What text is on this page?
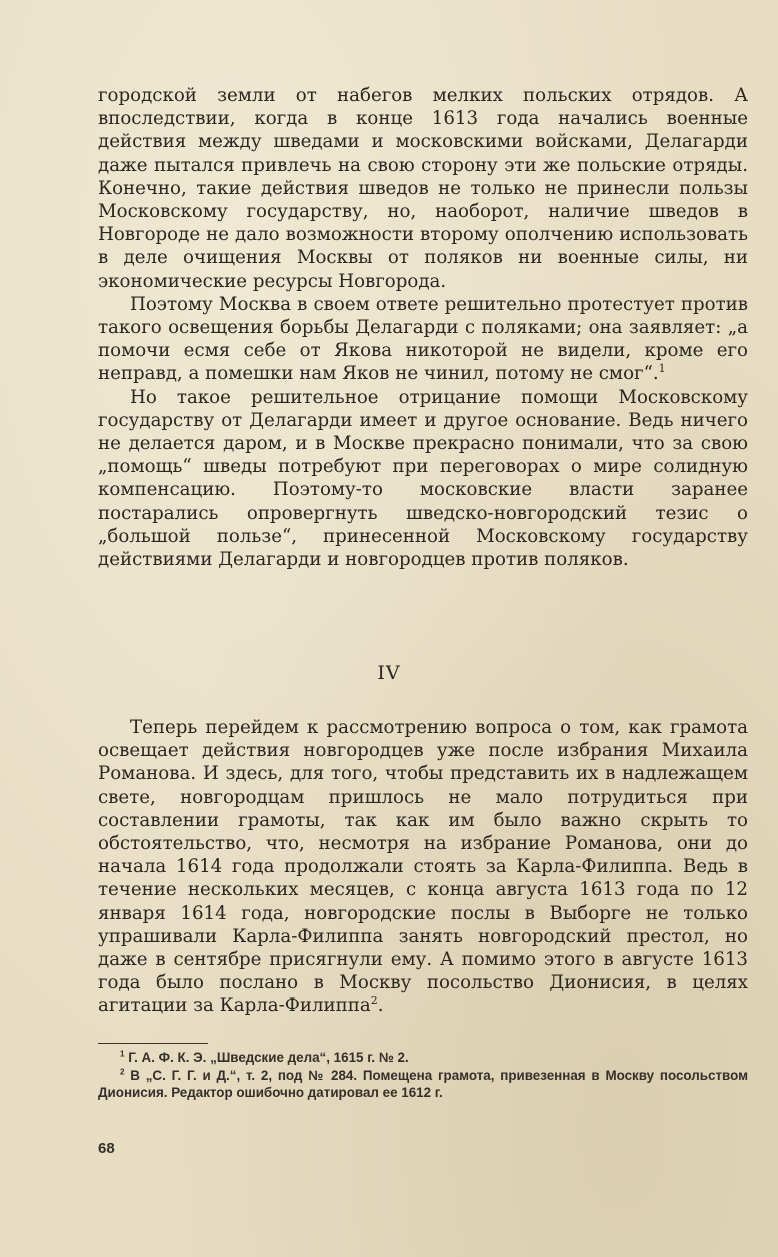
городской земли от набегов мелких польских отрядов. А впоследствии, когда в конце 1613 года начались военные действия между шведами и московскими войсками, Делагарди даже пытался привлечь на свою сторону эти же польские отряды. Конечно, такие действия шведов не только не принесли пользы Московскому государству, но, наоборот, наличие шведов в Новгороде не дало возможности второму ополчению использовать в деле очищения Москвы от поляков ни военные силы, ни экономические ресурсы Новгорода.

Поэтому Москва в своем ответе решительно протестует против такого освещения борьбы Делагарди с поляками; она заявляет: „а помочи есмя себе от Якова никоторой не видели, кроме его неправд, а помешки нам Яков не чинил, потому не смог“.$^1$

Но такое решительное отрицание помощи Московскому государству от Делагарди имеет и другое основание. Ведь ничего не делается даром, и в Москве прекрасно понимали, что за свою „помощь“ шведы потребуют при переговорах о мире солидную компенсацию. Поэтому-то московские власти заранее постарались опровергнуть шведско-новгородский тезис о „большой пользе“, принесенной Московскому государству действиями Делагарди и новгородцев против поляков.

IV

Теперь перейдем к рассмотрению вопроса о том, как грамота освещает действия новгородцев уже после избрания Михаила Романова. И здесь, для того, чтобы представить их в надлежащем свете, новгородцам пришлось не мало потрудиться при составлении грамоты, так как им было важно скрыть то обстоятельство, что, несмотря на избрание Романова, они до начала 1614 года продолжали стоять за Карла-Филиппа. Ведь в течение нескольких месяцев, с конца августа 1613 года по 12 января 1614 года, новгородские послы в Выборге не только упрашивали Карла-Филиппа занять новгородский престол, но даже в сентябре присягнули ему. А помимо этого в августе 1613 года было послано в Москву посольство Дионисия, в целях агитации за Карла-Филиппа$^2$.

$^1$ Г. А. Ф. К. Э. „Шведские дела“, 1615 г. № 2.

$^2$ В „С. Г. Г. и Д.“, т. 2, под № 284. Помещена грамота, привезенная в Москву посольством Дионисия. Редактор ошибочно датировал ее 1612 г.

68
